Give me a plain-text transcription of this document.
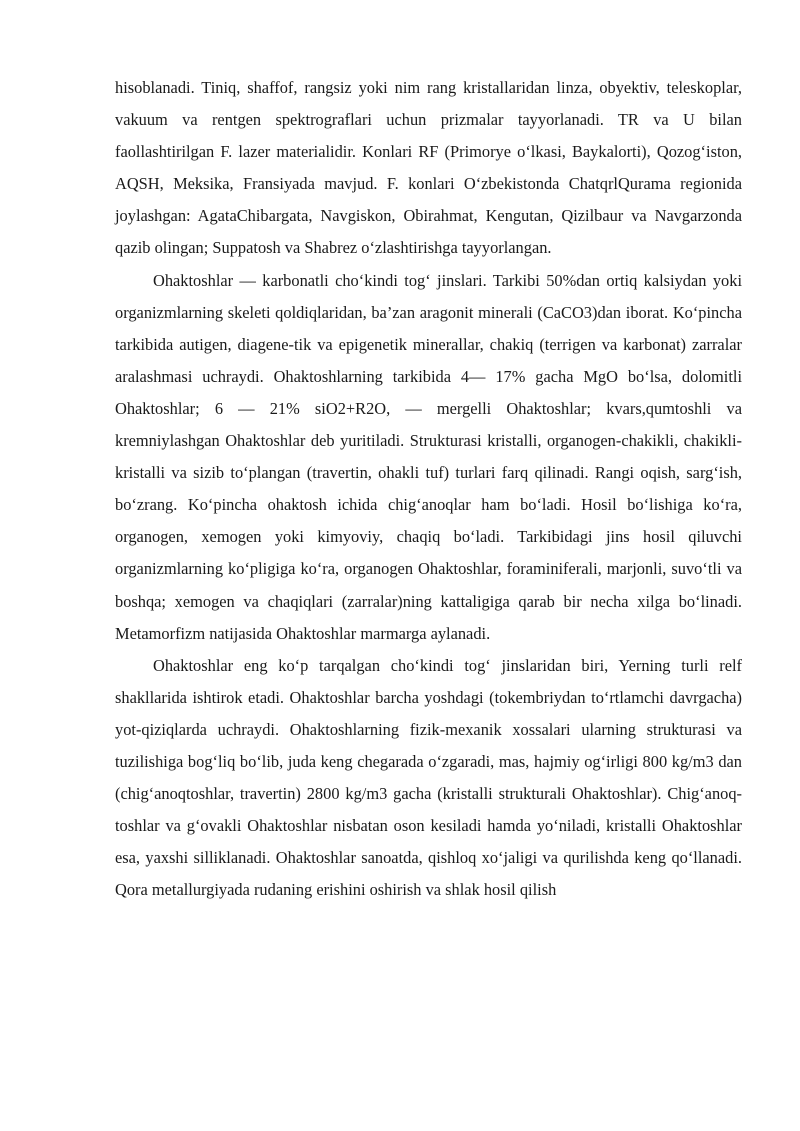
hisoblanadi. Tiniq, shaffof, rangsiz yoki nim rang kristallaridan linza, obyektiv, teleskoplar, vakuum va rentgen spektrograflari uchun prizmalar tayyorlanadi. TR va U bilan faollashtirilgan F. lazer materialidir. Konlari RF (Primorye o‘lkasi, Baykalorti), Qozog‘iston, AQSH, Meksika, Fransiyada mavjud. F. konlari O‘zbekistonda ChatqrlQurama regionida joylashgan: AgataChibargata, Navgiskon, Obirahmat, Kengutan, Qizilbaur va Navgarzonda qazib olingan; Suppatosh va Shabrez o‘zlashtirishga tayyorlangan.

Ohaktoshlar — karbonatli cho‘kindi tog‘ jinslari. Tarkibi 50%dan ortiq kalsiydan yoki organizmlarning skeleti qoldiqlaridan, ba’zan aragonit minerali (CaCO3)dan iborat. Ko‘pincha tarkibida autigen, diagene-tik va epigenetik minerallar, chakiq (terrigen va karbonat) zarralar aralashmasi uchraydi. Ohaktoshlarning tarkibida 4— 17% gacha MgO bo‘lsa, dolomitli Ohaktoshlar; 6 — 21% siO2+R2O, — mergelli Ohaktoshlar; kvars,qumtoshli va kremniylashgan Ohaktoshlar deb yuritiladi. Strukturasi kristalli, organogen-chakikli, chakikli-kristalli va sizib to‘plangan (travertin, ohakli tuf) turlari farq qilinadi. Rangi oqish, sarg‘ish, bo‘zrang. Ko‘pincha ohaktosh ichida chig‘anoqlar ham bo‘ladi. Hosil bo‘lishiga ko‘ra, organogen, xemogen yoki kimyoviy, chaqiq bo‘ladi. Tarkibidagi jins hosil qiluvchi organizmlarning ko‘pligiga ko‘ra, organogen Ohaktoshlar, foraminiferali, marjonli, suvo‘tli va boshqa; xemogen va chaqiqlari (zarralar)ning kattaligiga qarab bir necha xilga bo‘linadi. Metamorfizm natijasida Ohaktoshlar marmarga aylanadi.

Ohaktoshlar eng ko‘p tarqalgan cho‘kindi tog‘ jinslaridan biri, Yerning turli relf shakllarida ishtirok etadi. Ohaktoshlar barcha yoshdagi (tokembriydan to‘rtlamchi davrgacha) yot-qiziqlarda uchraydi. Ohaktoshlarning fizik-mexanik xossalari ularning strukturasi va tuzilishiga bog‘liq bo‘lib, juda keng chegarada o‘zgaradi, mas, hajmiy og‘irligi 800 kg/m3 dan (chig‘anoqtoshlar, travertin) 2800 kg/m3 gacha (kristalli strukturali Ohaktoshlar). Chig‘anoq-toshlar va g‘ovakli Ohaktoshlar nisbatan oson kesiladi hamda yo‘niladi, kristalli Ohaktoshlar esa, yaxshi silliklanadi. Ohaktoshlar sanoatda, qishloq xo‘jaligi va qurilishda keng qo‘llanadi. Qora metallurgiyada rudaning erishini oshirish va shlak hosil qilish
